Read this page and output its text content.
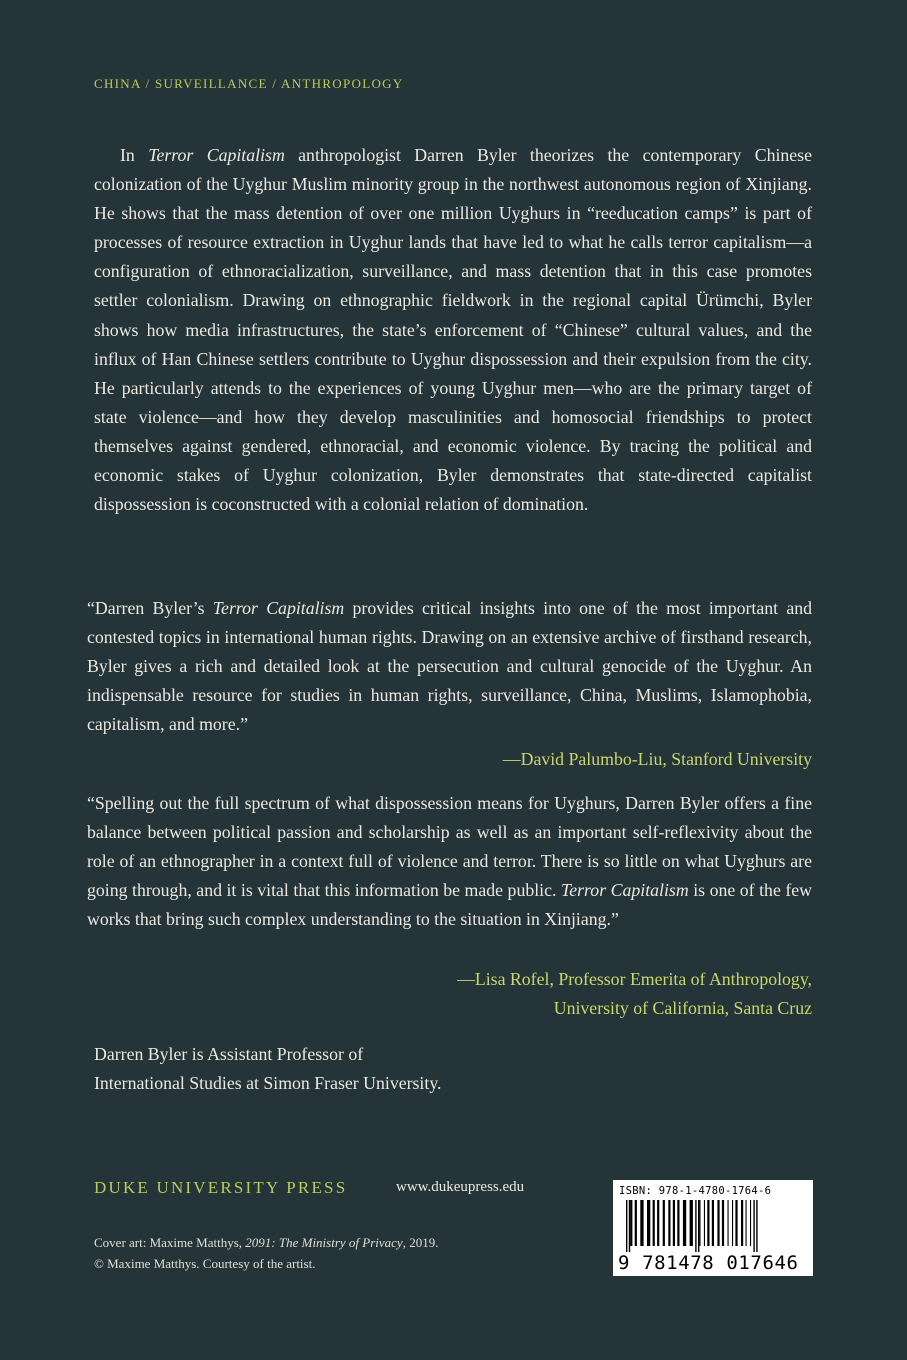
CHINA / SURVEILLANCE / ANTHROPOLOGY

In Terror Capitalism anthropologist Darren Byler theorizes the contemporary Chinese colonization of the Uyghur Muslim minority group in the northwest autonomous region of Xinjiang. He shows that the mass detention of over one million Uyghurs in “reeducation camps” is part of processes of resource extraction in Uyghur lands that have led to what he calls terror capitalism—a configuration of ethnoracialization, surveillance, and mass detention that in this case promotes settler colonialism. Drawing on ethnographic fieldwork in the regional capital Ürümchi, Byler shows how media infrastructures, the state’s enforcement of “Chinese” cultural values, and the influx of Han Chinese settlers contribute to Uyghur dispossession and their expulsion from the city. He particularly attends to the experiences of young Uyghur men—who are the primary target of state violence—and how they develop masculinities and homosocial friendships to protect themselves against gendered, ethnoracial, and economic violence. By tracing the political and economic stakes of Uyghur colonization, Byler demonstrates that state-directed capitalist dispossession is coconstructed with a colonial relation of domination.

“Darren Byler’s Terror Capitalism provides critical insights into one of the most important and contested topics in international human rights. Drawing on an extensive archive of firsthand research, Byler gives a rich and detailed look at the persecution and cultural genocide of the Uyghur. An indispensable resource for studies in human rights, surveillance, China, Muslims, Islamophobia, capitalism, and more.”

—David Palumbo-Liu, Stanford University

“Spelling out the full spectrum of what dispossession means for Uyghurs, Darren Byler offers a fine balance between political passion and scholarship as well as an important self-reflexivity about the role of an ethnographer in a context full of violence and terror. There is so little on what Uyghurs are going through, and it is vital that this information be made public. Terror Capitalism is one of the few works that bring such complex understanding to the situation in Xinjiang.”

—Lisa Rofel, Professor Emerita of Anthropology,
University of California, Santa Cruz

Darren Byler is Assistant Professor of
International Studies at Simon Fraser University.

DUKE UNIVERSITY PRESS	www.dukeupress.edu

Cover art: Maxime Matthys, 2091: The Ministry of Privacy, 2019.
© Maxime Matthys. Courtesy of the artist.

ISBN: 978-1-4780-1764-6
9 781478 017646
